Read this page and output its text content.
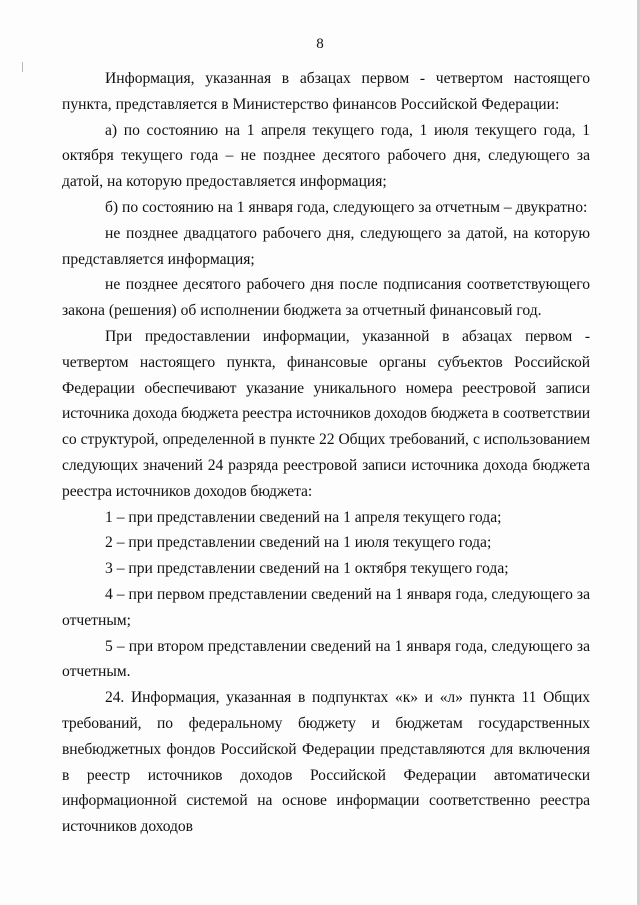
8

Информация, указанная в абзацах первом - четвертом настоящего пункта, представляется в Министерство финансов Российской Федерации:

а) по состоянию на 1 апреля текущего года, 1 июля текущего года, 1 октября текущего года – не позднее десятого рабочего дня, следующего за датой, на которую предоставляется информация;

б) по состоянию на 1 января года, следующего за отчетным – двукратно:

не позднее двадцатого рабочего дня, следующего за датой, на которую представляется информация;

не позднее десятого рабочего дня после подписания соответствующего закона (решения) об исполнении бюджета за отчетный финансовый год.

При предоставлении информации, указанной в абзацах первом - четвертом настоящего пункта, финансовые органы субъектов Российской Федерации обеспечивают указание уникального номера реестровой записи источника дохода бюджета реестра источников доходов бюджета в соответствии со структурой, определенной в пункте 22 Общих требований, с использованием следующих значений 24 разряда реестровой записи источника дохода бюджета реестра источников доходов бюджета:

1 – при представлении сведений на 1 апреля текущего года;

2 – при представлении сведений на 1 июля текущего года;

3 – при представлении сведений на 1 октября текущего года;

4 – при первом представлении сведений на 1 января года, следующего за отчетным;

5 – при втором представлении сведений на 1 января года, следующего за отчетным.

24. Информация, указанная в подпунктах «к» и «л» пункта 11 Общих требований, по федеральному бюджету и бюджетам государственных внебюджетных фондов Российской Федерации представляются для включения в реестр источников доходов Российской Федерации автоматически информационной системой на основе информации соответственно реестра источников доходов
